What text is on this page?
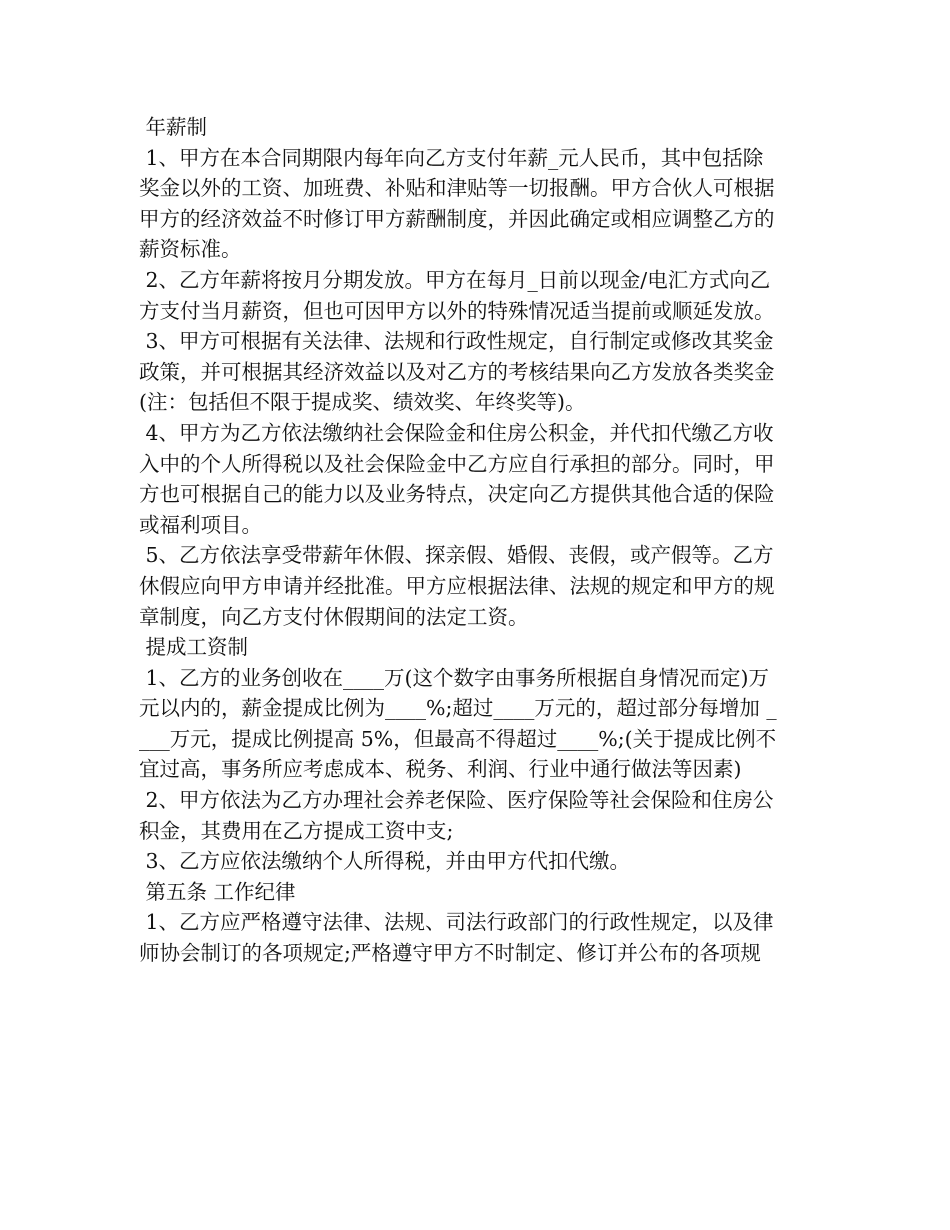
年薪制

1、甲方在本合同期限内每年向乙方支付年薪_元人民币，其中包括除

奖金以外的工资、加班费、补贴和津贴等一切报酬。甲方合伙人可根据

甲方的经济效益不时修订甲方薪酬制度，并因此确定或相应调整乙方的

薪资标准。

2、乙方年薪将按月分期发放。甲方在每月_日前以现金/电汇方式向乙

方支付当月薪资，但也可因甲方以外的特殊情况适当提前或顺延发放。

3、甲方可根据有关法律、法规和行政性规定，自行制定或修改其奖金

政策，并可根据其经济效益以及对乙方的考核结果向乙方发放各类奖金

(注：包括但不限于提成奖、绩效奖、年终奖等)。

4、甲方为乙方依法缴纳社会保险金和住房公积金，并代扣代缴乙方收

入中的个人所得税以及社会保险金中乙方应自行承担的部分。同时，甲

方也可根据自己的能力以及业务特点，决定向乙方提供其他合适的保险

或福利项目。

5、乙方依法享受带薪年休假、探亲假、婚假、丧假，或产假等。乙方

休假应向甲方申请并经批准。甲方应根据法律、法规的规定和甲方的规

章制度，向乙方支付休假期间的法定工资。

提成工资制

1、乙方的业务创收在____万(这个数字由事务所根据自身情况而定)万

元以内的，薪金提成比例为____%;超过____万元的，超过部分每增加 _

___万元，提成比例提高 5%，但最高不得超过____%;(关于提成比例不

宜过高，事务所应考虑成本、税务、利润、行业中通行做法等因素)

2、甲方依法为乙方办理社会养老保险、医疗保险等社会保险和住房公

积金，其费用在乙方提成工资中支;

3、乙方应依法缴纳个人所得税，并由甲方代扣代缴。

第五条 工作纪律

1、乙方应严格遵守法律、法规、司法行政部门的行政性规定，以及律

师协会制订的各项规定;严格遵守甲方不时制定、修订并公布的各项规
